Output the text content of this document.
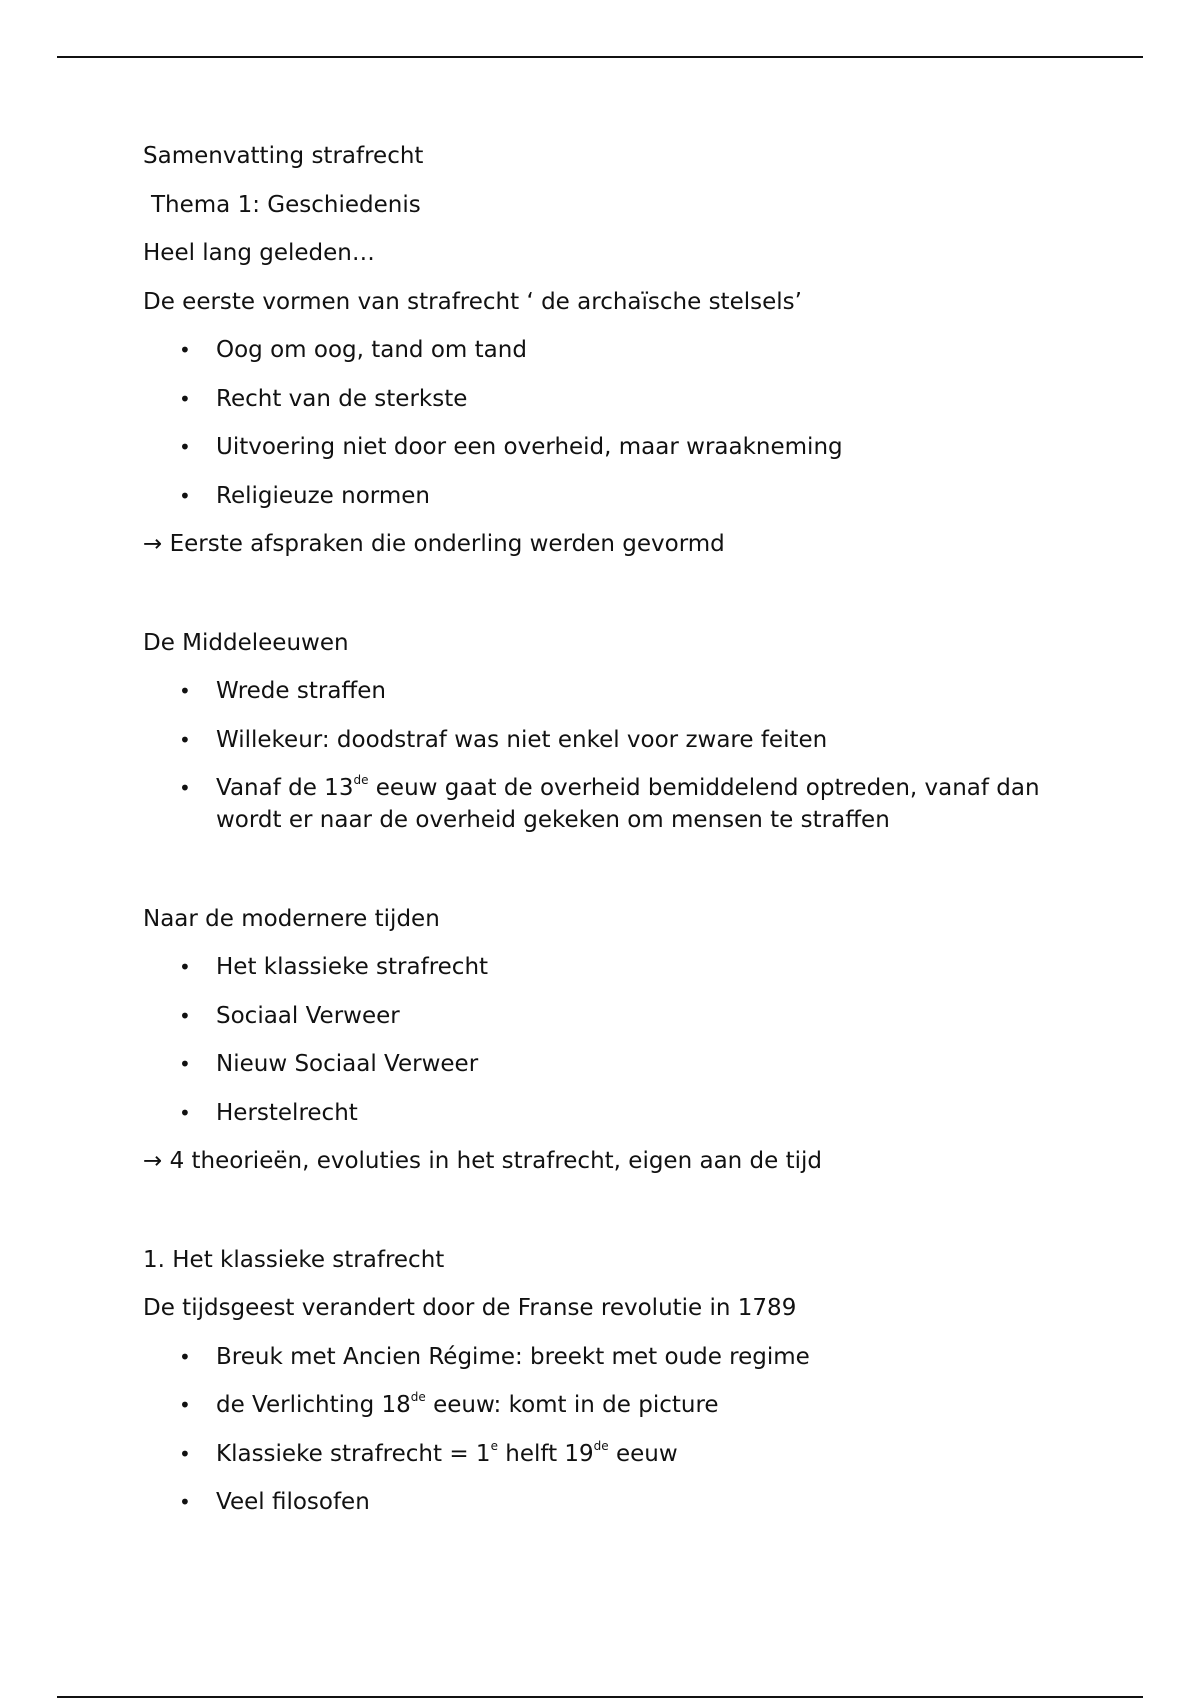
Samenvatting strafrecht
Thema 1: Geschiedenis
Heel lang geleden…
De eerste vormen van strafrecht ‘ de archaïsche stelsels’
• Oog om oog, tand om tand
• Recht van de sterkste
• Uitvoering niet door een overheid, maar wraakneming
• Religieuze normen
→ Eerste afspraken die onderling werden gevormd
De Middeleeuwen
• Wrede straffen
• Willekeur: doodstraf was niet enkel voor zware feiten
• Vanaf de 13de eeuw gaat de overheid bemiddelend optreden, vanaf dan wordt er naar de overheid gekeken om mensen te straffen
Naar de modernere tijden
• Het klassieke strafrecht
• Sociaal Verweer
• Nieuw Sociaal Verweer
• Herstelrecht
→ 4 theorieën, evoluties in het strafrecht, eigen aan de tijd
1. Het klassieke strafrecht
De tijdsgeest verandert door de Franse revolutie in 1789
• Breuk met Ancien Régime: breekt met oude regime
• de Verlichting 18de eeuw: komt in de picture
• Klassieke strafrecht = $1^e$ helft 19de eeuw
• Veel filosofen
